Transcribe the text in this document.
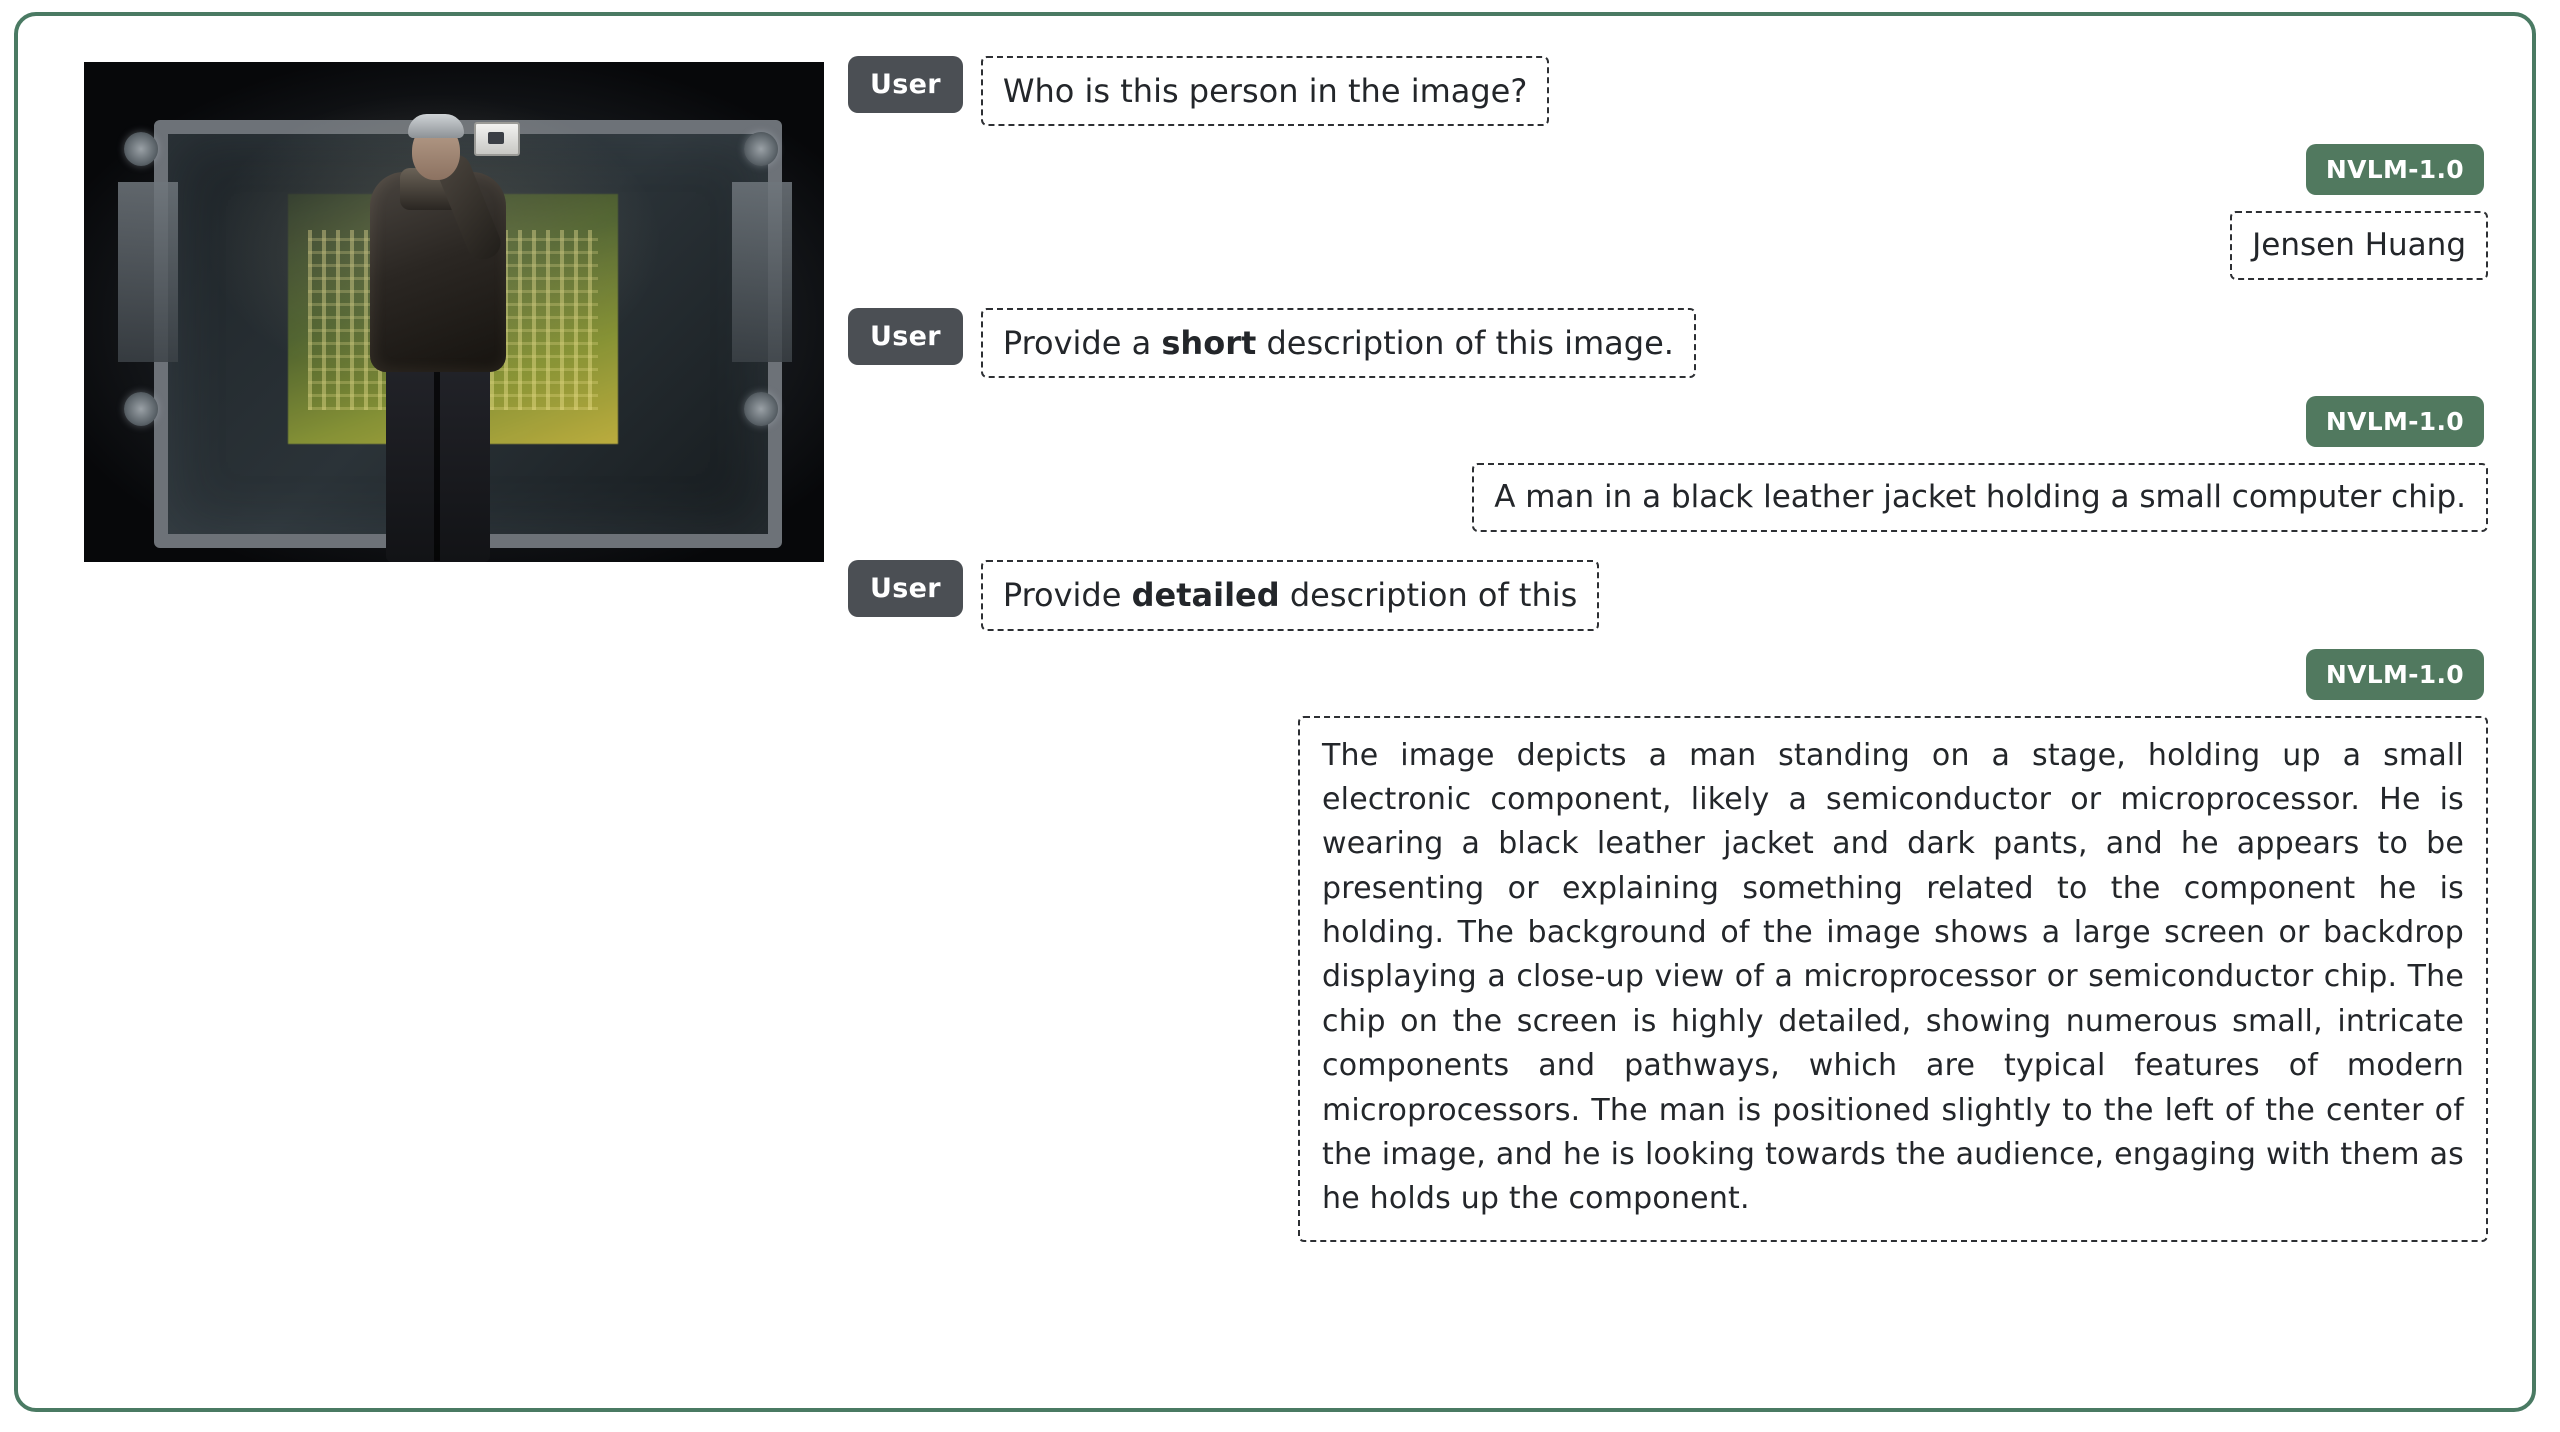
User	Who is this person in the image?
NVLM-1.0
Jensen Huang
User	Provide a short description of this image.
NVLM-1.0
A man in a black leather jacket holding a small computer chip.
User	Provide detailed description of this
NVLM-1.0
The image depicts a man standing on a stage, holding up a small electronic component, likely a semiconductor or microprocessor. He is wearing a black leather jacket and dark pants, and he appears to be presenting or explaining something related to the component he is holding. The background of the image shows a large screen or backdrop displaying a close-up view of a microprocessor or semiconductor chip. The chip on the screen is highly detailed, showing numerous small, intricate components and pathways, which are typical features of modern microprocessors. The man is positioned slightly to the left of the center of the image, and he is looking towards the audience, engaging with them as he holds up the component.
